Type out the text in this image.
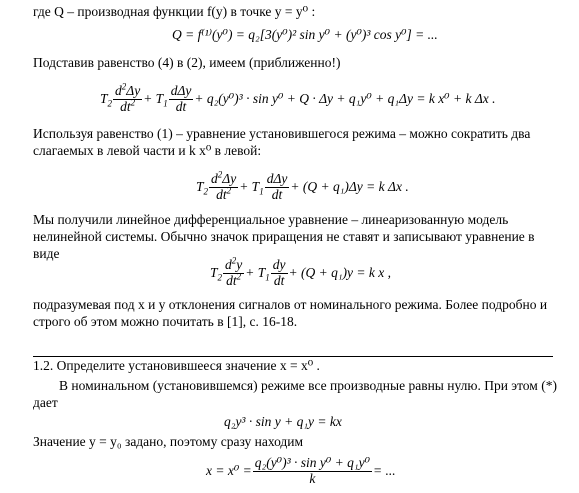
где Q – производная функции f(y) в точке y = y⁰ :
Q = f⁽¹⁾(y⁰) = q₂[3(y⁰)² sin y⁰ + (y⁰)³ cos y⁰] = ...
Подставив равенство (4) в (2), имеем (приближенно!)
$T_2 \frac{d^2\Delta y}{dt^2} + T_1 \frac{\text{dΔy}}{dt} + q_2(y^0)^3 \cdot \sin y^0 + Q \cdot \Delta y + q_1y^0 + q_1\Delta y = k$ x⁰ + k Δx .
Используя равенство (1) – уравнение установившегося режима – можно сократить два слагаемых в левой части и k x⁰ в левой:
$T_2 \frac{d^2\Delta y}{dt^2} + T_1 \frac{\text{dΔy}}{dt} + (Q + q_1)\Delta y = k$ Δx .
Мы получили линейное дифференциальное уравнение – линеаризованную модель нелинейной системы. Обычно значок приращения не ставят и записывают уравнение в виде
$T_2 \frac{d^2y}{dt^2} + T_1 \frac{dy}{dt} + (Q + q_1)y = k$ x ,
подразумевая под x и y отклонения сигналов от номинального режима. Более подробно и строго об этом можно почитать в [1], с. 16-18.
1.2. Определите установившееся значение x = x⁰ .
В номинальном (установившемся) режиме все производные равны нулю. При этом (*) дает
q₂y³ · sin y + q₁y = kx
Значение y = y₀ задано, поэтому сразу находим
$x = x^0 = \frac{\text{q₂(y⁰)³ · sin y⁰ + q₁y⁰}}{k}$ = ...
